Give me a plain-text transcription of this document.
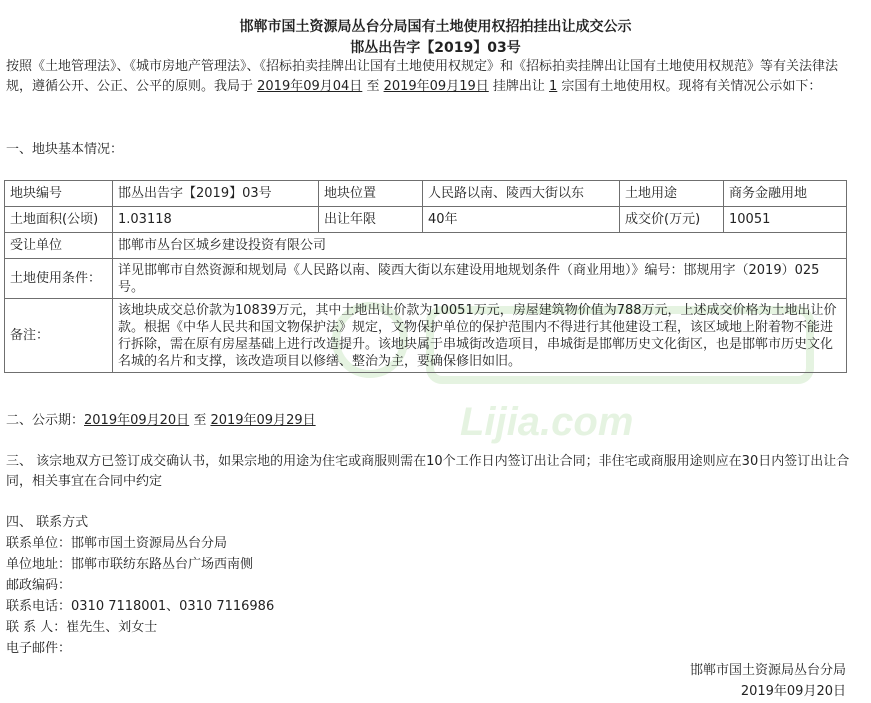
Lijia.com
邯郸市国土资源局丛台分局国有土地使用权招拍挂出让成交公示
邯丛出告字【2019】03号
按照《土地管理法》、《城市房地产管理法》、《招标拍卖挂牌出让国有土地使用权规定》和《招标拍卖挂牌出让国有土地使用权规范》等有关法律法规，遵循公开、公正、公平的原则。我局于 2019年09月04日 至 2019年09月19日 挂牌出让 1 宗国有土地使用权。现将有关情况公示如下：
一、地块基本情况：
地块编号	邯丛出告字【2019】03号	地块位置	人民路以南、陵西大街以东	土地用途	商务金融用地
土地面积(公顷)	1.03118	出让年限	40年	成交价(万元)	10051
受让单位	邯郸市丛台区城乡建设投资有限公司				
土地使用条件：	详见邯郸市自然资源和规划局《人民路以南、陵西大街以东建设用地规划条件（商业用地）》编号：邯规用字（2019）025号。				
备注：	该地块成交总价款为10839万元，其中土地出让价款为10051万元，房屋建筑物价值为788万元，上述成交价格为土地出让价款。根据《中华人民共和国文物保护法》规定，文物保护单位的保护范围内不得进行其他建设工程，该区域地上附着物不能进行拆除，需在原有房屋基础上进行改造提升。该地块属于串城街改造项目，串城街是邯郸历史文化街区，也是邯郸市历史文化名城的名片和支撑，该改造项目以修缮、整治为主，要确保修旧如旧。				
二、公示期：2019年09月20日 至 2019年09月29日
三、 该宗地双方已签订成交确认书，如果宗地的用途为住宅或商服则需在10个工作日内签订出让合同；非住宅或商服用途则应在30日内签订出让合同，相关事宜在合同中约定
四、 联系方式
联系单位：邯郸市国土资源局丛台分局
单位地址：邯郸市联纺东路丛台广场西南侧
邮政编码：
联系电话：0310 7118001、0310 7116986
联 系 人：崔先生、刘女士
电子邮件：
邯郸市国土资源局丛台分局
2019年09月20日
